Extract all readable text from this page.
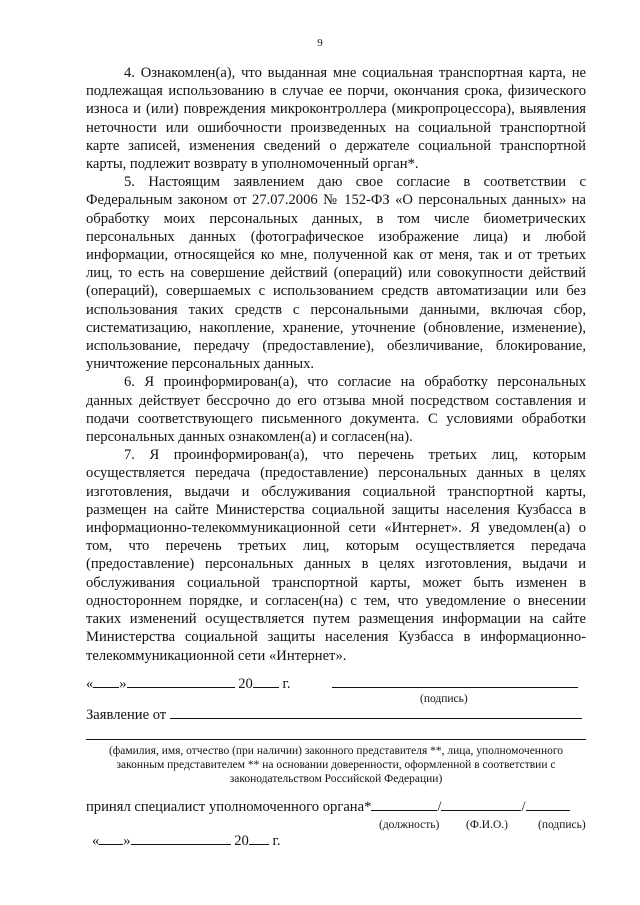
9

4. Ознакомлен(а), что выданная мне социальная транспортная карта, не подлежащая использованию в случае ее порчи, окончания срока, физического износа и (или) повреждения микроконтроллера (микропроцессора), выявления неточности или ошибочности произведенных на социальной транспортной карте записей, изменения сведений о держателе социальной транспортной карты, подлежит возврату в уполномоченный орган*.

5. Настоящим заявлением даю свое согласие в соответствии с Федеральным законом от 27.07.2006 № 152-ФЗ «О персональных данных» на обработку моих персональных данных, в том числе биометрических персональных данных (фотографическое изображение лица) и любой информации, относящейся ко мне, полученной как от меня, так и от третьих лиц, то есть на совершение действий (операций) или совокупности действий (операций), совершаемых с использованием средств автоматизации или без использования таких средств с персональными данными, включая сбор, систематизацию, накопление, хранение, уточнение (обновление, изменение), использование, передачу (предоставление), обезличивание, блокирование, уничтожение персональных данных.

6. Я проинформирован(а), что согласие на обработку персональных данных действует бессрочно до его отзыва мной посредством составления и подачи соответствующего письменного документа. С условиями обработки персональных данных ознакомлен(а) и согласен(на).

7. Я проинформирован(а), что перечень третьих лиц, которым осуществляется передача (предоставление) персональных данных в целях изготовления, выдачи и обслуживания социальной транспортной карты, размещен на сайте Министерства социальной защиты населения Кузбасса в информационно-телекоммуникационной сети «Интернет». Я уведомлен(а) о том, что перечень третьих лиц, которым осуществляется передача (предоставление) персональных данных в целях изготовления, выдачи и обслуживания социальной транспортной карты, может быть изменен в одностороннем порядке, и согласен(на) с тем, что уведомление о внесении таких изменений осуществляется путем размещения информации на сайте Министерства социальной защиты населения Кузбасса в информационно-телекоммуникационной сети «Интернет».

« »	20 г.
(подпись)
Заявление от
(фамилия, имя, отчество (при наличии) законного представителя **, лица, уполномоченного законным представителем ** на основании доверенности, оформленной в соответствии с законодательством Российской Федерации)
принял специалист уполномоченного органа*	/	/
(должность) (Ф.И.О.)	(подпись)
« »	20 г.
